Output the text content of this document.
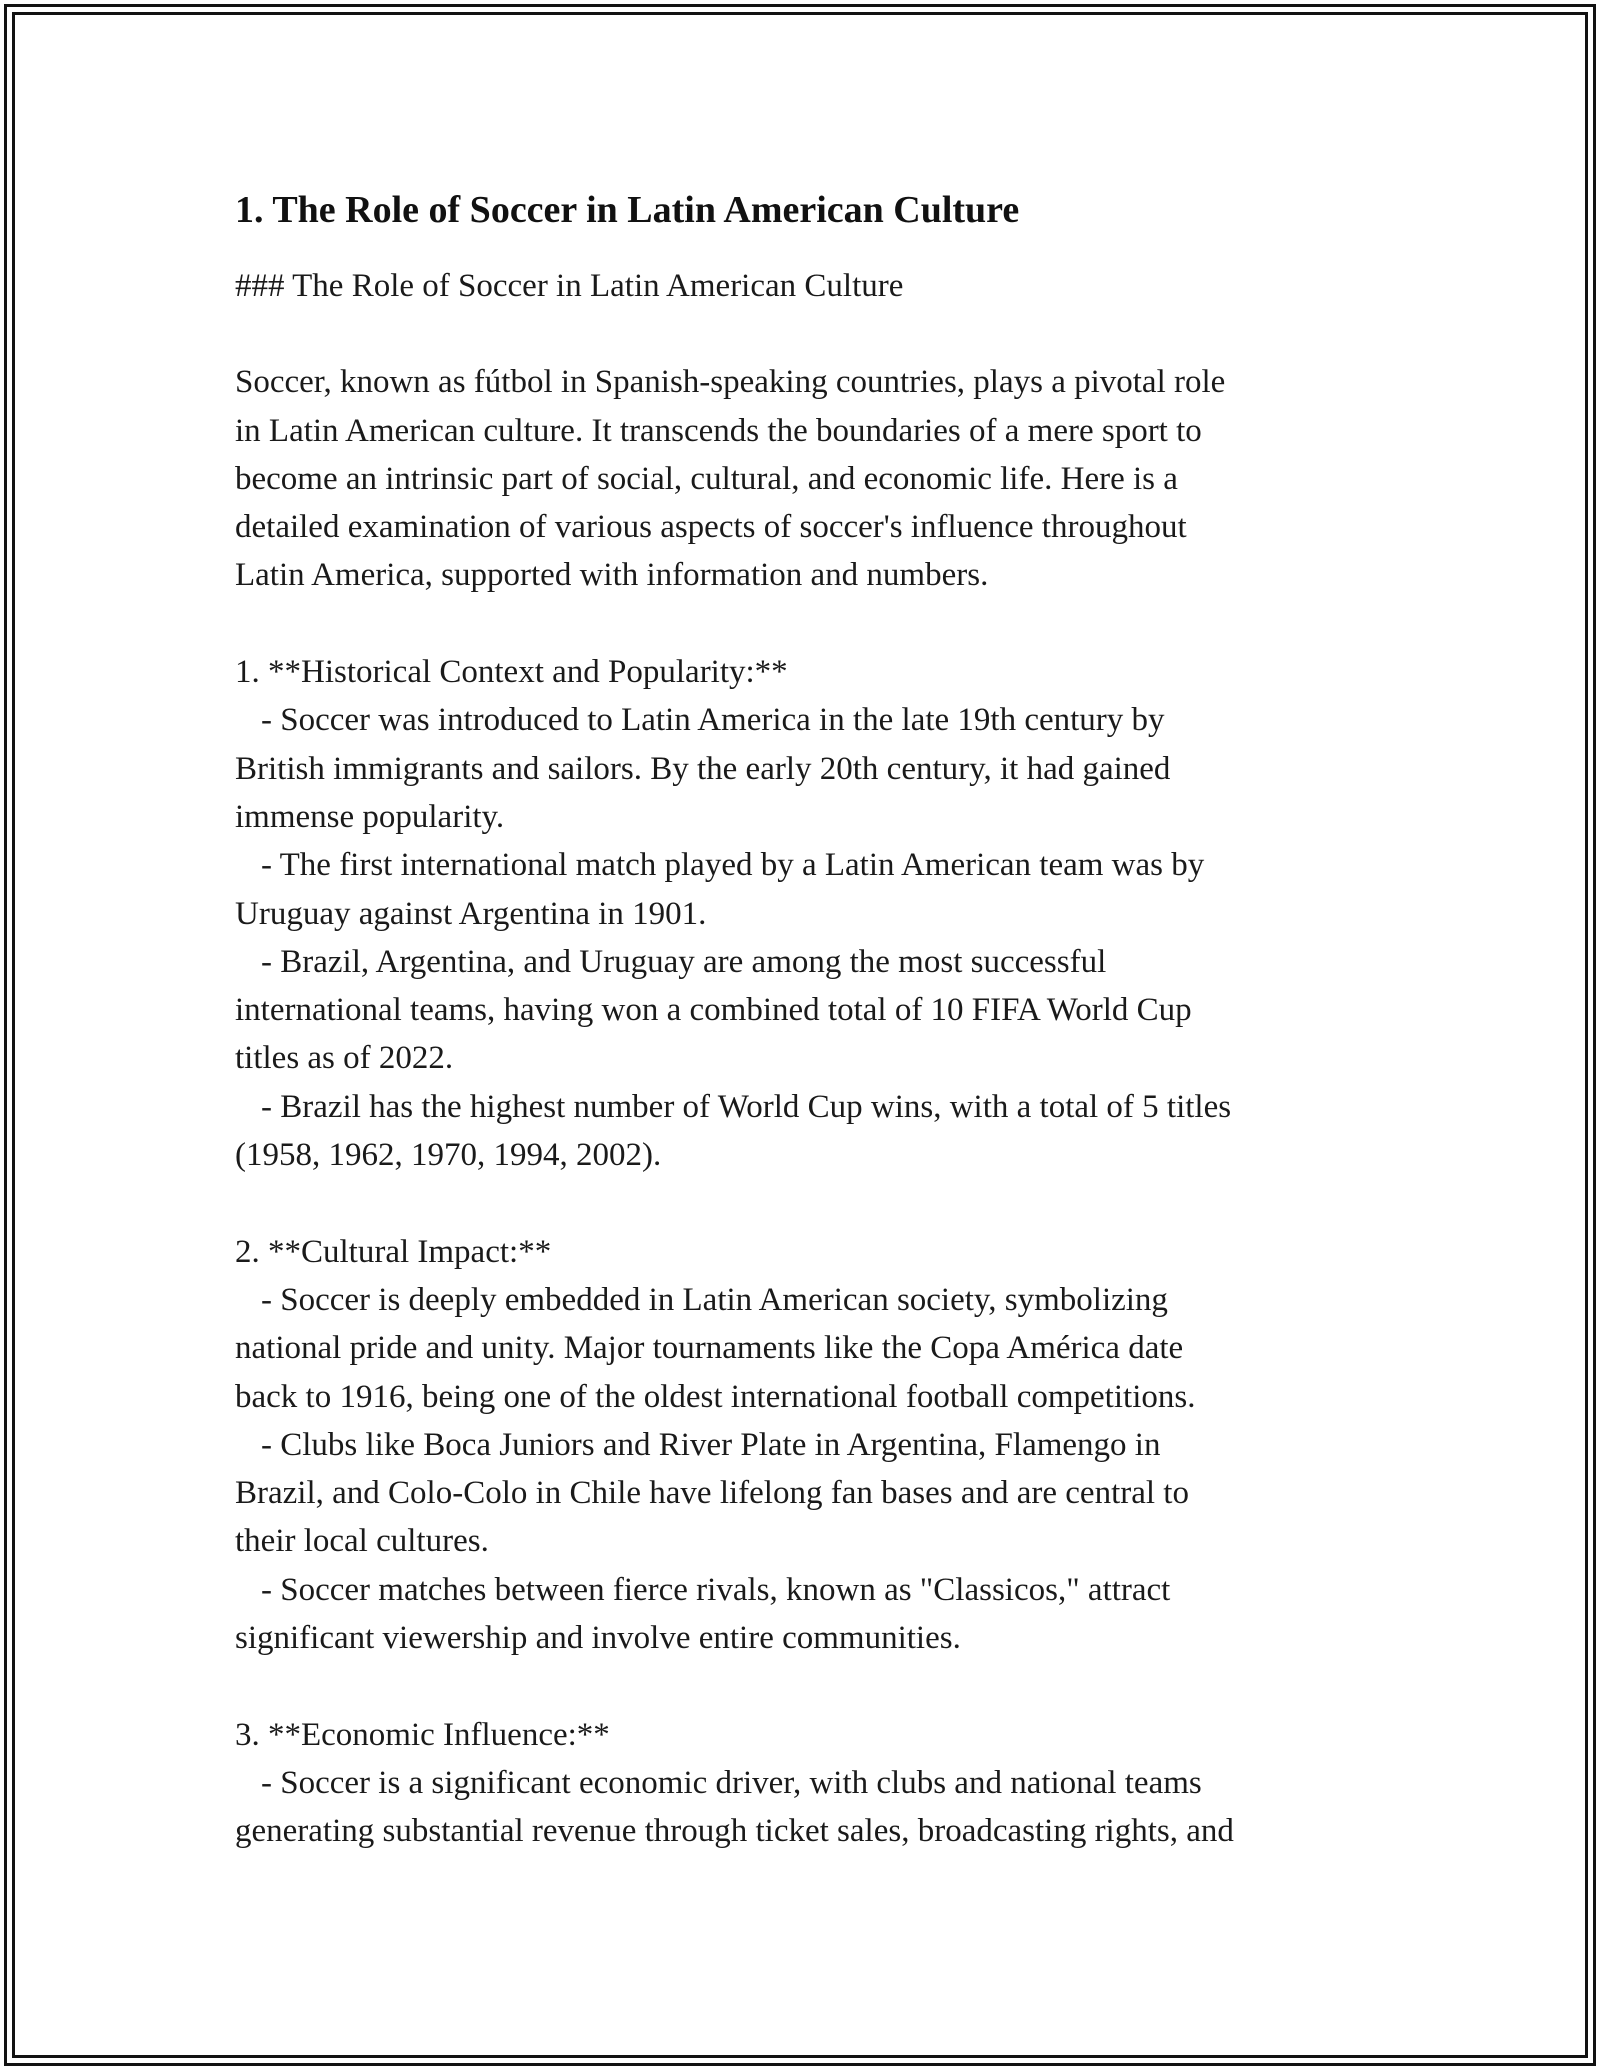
1. The Role of Soccer in Latin American Culture
### The Role of Soccer in Latin American Culture
Soccer, known as fútbol in Spanish-speaking countries, plays a pivotal role
in Latin American culture. It transcends the boundaries of a mere sport to
become an intrinsic part of social, cultural, and economic life. Here is a
detailed examination of various aspects of soccer's influence throughout
Latin America, supported with information and numbers.
1. **Historical Context and Popularity:**
- Soccer was introduced to Latin America in the late 19th century by
British immigrants and sailors. By the early 20th century, it had gained
immense popularity.
- The first international match played by a Latin American team was by
Uruguay against Argentina in 1901.
- Brazil, Argentina, and Uruguay are among the most successful
international teams, having won a combined total of 10 FIFA World Cup
titles as of 2022.
- Brazil has the highest number of World Cup wins, with a total of 5 titles
(1958, 1962, 1970, 1994, 2002).
2. **Cultural Impact:**
- Soccer is deeply embedded in Latin American society, symbolizing
national pride and unity. Major tournaments like the Copa América date
back to 1916, being one of the oldest international football competitions.
- Clubs like Boca Juniors and River Plate in Argentina, Flamengo in
Brazil, and Colo-Colo in Chile have lifelong fan bases and are central to
their local cultures.
- Soccer matches between fierce rivals, known as "Classicos," attract
significant viewership and involve entire communities.
3. **Economic Influence:**
- Soccer is a significant economic driver, with clubs and national teams
generating substantial revenue through ticket sales, broadcasting rights, and
